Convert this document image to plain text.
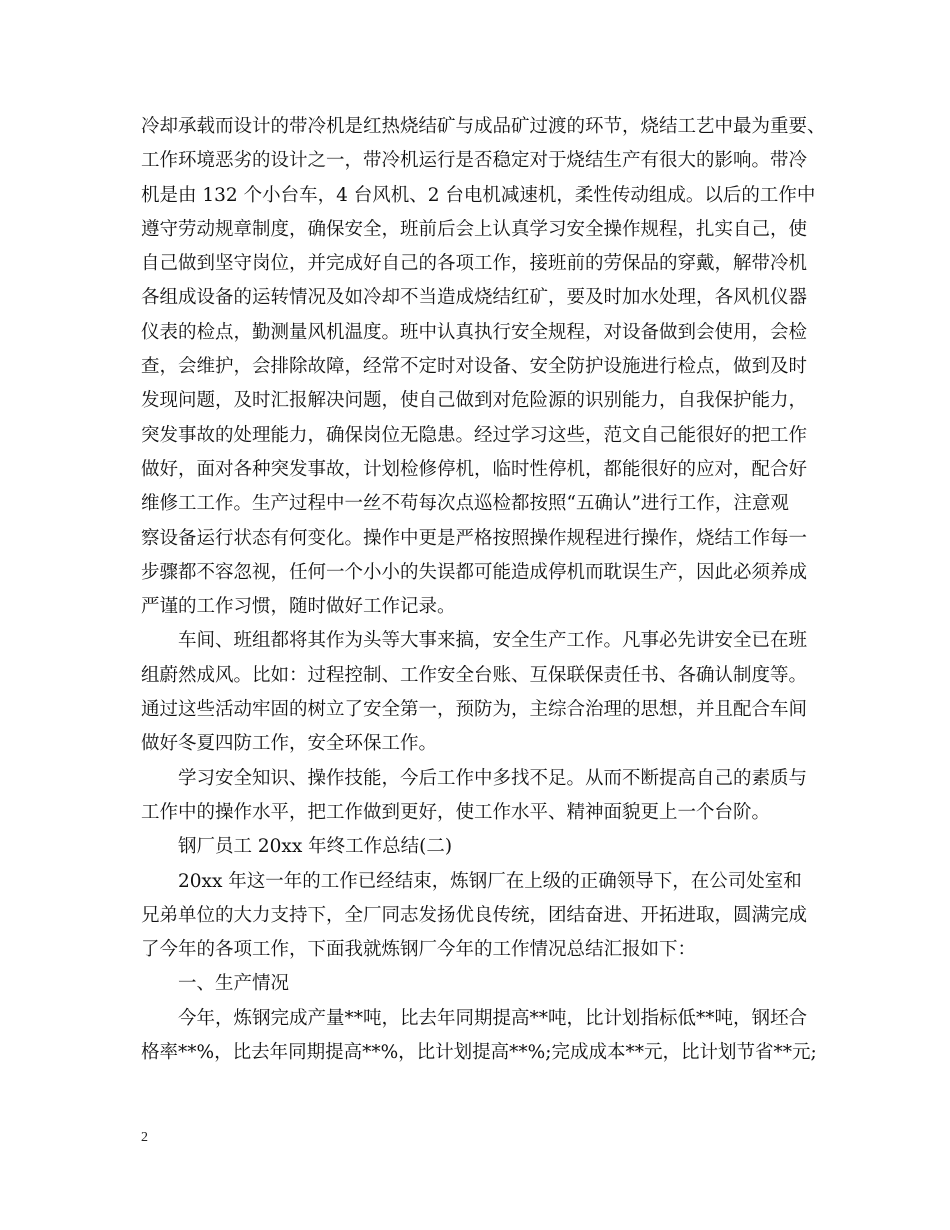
冷却承载而设计的带冷机是红热烧结矿与成品矿过渡的环节，烧结工艺中最为重要、
工作环境恶劣的设计之一，带冷机运行是否稳定对于烧结生产有很大的影响。带冷
机是由 132 个小台车，4 台风机、2 台电机减速机，柔性传动组成。以后的工作中
遵守劳动规章制度，确保安全，班前后会上认真学习安全操作规程，扎实自己，使
自己做到坚守岗位，并完成好自己的各项工作，接班前的劳保品的穿戴，解带冷机
各组成设备的运转情况及如冷却不当造成烧结红矿，要及时加水处理，各风机仪器
仪表的检点，勤测量风机温度。班中认真执行安全规程，对设备做到会使用，会检
查，会维护，会排除故障，经常不定时对设备、安全防护设施进行检点，做到及时
发现问题，及时汇报解决问题，使自己做到对危险源的识别能力，自我保护能力，
突发事故的处理能力，确保岗位无隐患。经过学习这些，范文自己能很好的把工作
做好，面对各种突发事故，计划检修停机，临时性停机，都能很好的应对，配合好
维修工工作。生产过程中一丝不苟每次点巡检都按照“五确认”进行工作，注意观
察设备运行状态有何变化。操作中更是严格按照操作规程进行操作，烧结工作每一
步骤都不容忽视，任何一个小小的失误都可能造成停机而耽误生产，因此必须养成
严谨的工作习惯，随时做好工作记录。
　　车间、班组都将其作为头等大事来搞，安全生产工作。凡事必先讲安全已在班
组蔚然成风。比如：过程控制、工作安全台账、互保联保责任书、各确认制度等。
通过这些活动牢固的树立了安全第一，预防为，主综合治理的思想，并且配合车间
做好冬夏四防工作，安全环保工作。
　　学习安全知识、操作技能，今后工作中多找不足。从而不断提高自己的素质与
工作中的操作水平，把工作做到更好，使工作水平、精神面貌更上一个台阶。
　　钢厂员工 20xx 年终工作总结(二)
　　20xx 年这一年的工作已经结束，炼钢厂在上级的正确领导下，在公司处室和
兄弟单位的大力支持下，全厂同志发扬优良传统，团结奋进、开拓进取，圆满完成
了今年的各项工作，下面我就炼钢厂今年的工作情况总结汇报如下：
　　一、生产情况
　　今年，炼钢完成产量**吨，比去年同期提高**吨，比计划指标低**吨，钢坯合
格率**%，比去年同期提高**%，比计划提高**%;完成成本**元，比计划节省**元;
2
